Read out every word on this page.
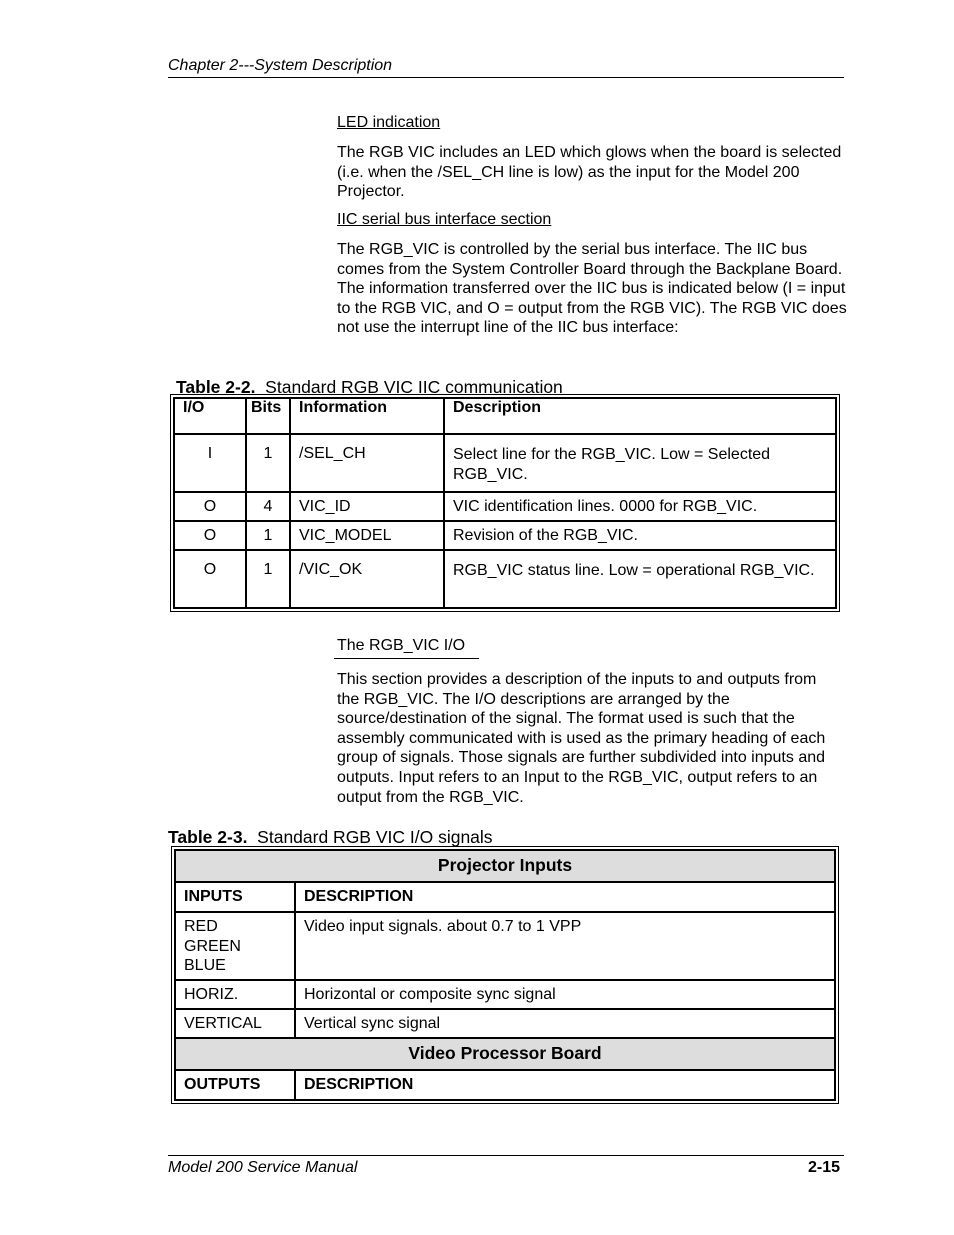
Chapter 2---System Description
LED indication
The RGB VIC includes an LED which glows when the board is selected (i.e. when the /SEL_CH line is low) as the input for the Model 200 Projector.
IIC serial bus interface section
The RGB_VIC is controlled by the serial bus interface. The IIC bus comes from the System Controller Board through the Backplane Board. The information transferred over the IIC bus is indicated below (I = input to the RGB VIC, and O = output from the RGB VIC). The RGB VIC does not use the interrupt line of the IIC bus interface:
Table 2-2. Standard RGB VIC IIC communication
I/O	Bits	Information	Description
I	1	/SEL_CH	Select line for the RGB_VIC. Low = Selected RGB_VIC.
O	4	VIC_ID	VIC identification lines. 0000 for RGB_VIC.
O	1	VIC_MODEL	Revision of the RGB_VIC.
O	1	/VIC_OK	RGB_VIC status line. Low = operational RGB_VIC.
The RGB_VIC I/O
This section provides a description of the inputs to and outputs from the RGB_VIC. The I/O descriptions are arranged by the source/destination of the signal. The format used is such that the assembly communicated with is used as the primary heading of each group of signals. Those signals are further subdivided into inputs and outputs. Input refers to an Input to the RGB_VIC, output refers to an output from the RGB_VIC.
Table 2-3. Standard RGB VIC I/O signals
Projector Inputs	
INPUTS	DESCRIPTION
RED
GREEN
BLUE	Video input signals. about 0.7 to 1 VPP
HORIZ.	Horizontal or composite sync signal
VERTICAL	Vertical sync signal
Video Processor Board	
OUTPUTS	DESCRIPTION
Model 200 Service Manual	2-15
